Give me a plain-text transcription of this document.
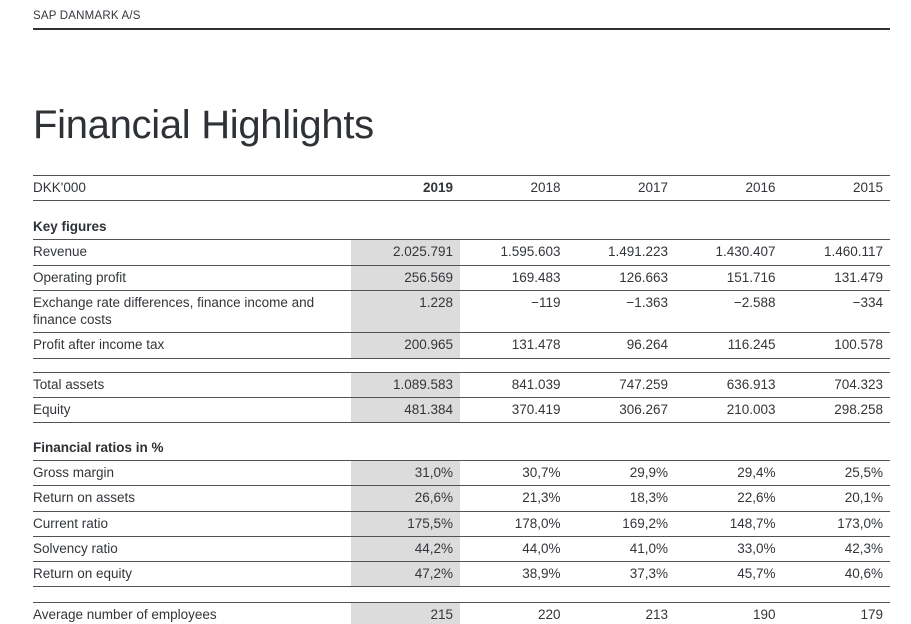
SAP DANMARK A/S
Financial Highlights
DKK'000	2019	2018	2017	2016	2015
Key figures
Revenue	2.025.791	1.595.603	1.491.223	1.430.407	1.460.117
Operating profit	256.569	169.483	126.663	151.716	131.479
Exchange rate differences, finance income and finance costs
1.228	−119	−1.363	−2.588	−334
Profit after income tax	200.965	131.478	96.264	116.245	100.578
Total assets	1.089.583	841.039	747.259	636.913	704.323
Equity	481.384	370.419	306.267	210.003	298.258
Financial ratios in %
Gross margin	31,0%	30,7%	29,9%	29,4%	25,5%
Return on assets	26,6%	21,3%	18,3%	22,6%	20,1%
Current ratio	175,5%	178,0%	169,2%	148,7%	173,0%
Solvency ratio	44,2%	44,0%	41,0%	33,0%	42,3%
Return on equity	47,2%	38,9%	37,3%	45,7%	40,6%
Average number of employees	215	220	213	190	179
